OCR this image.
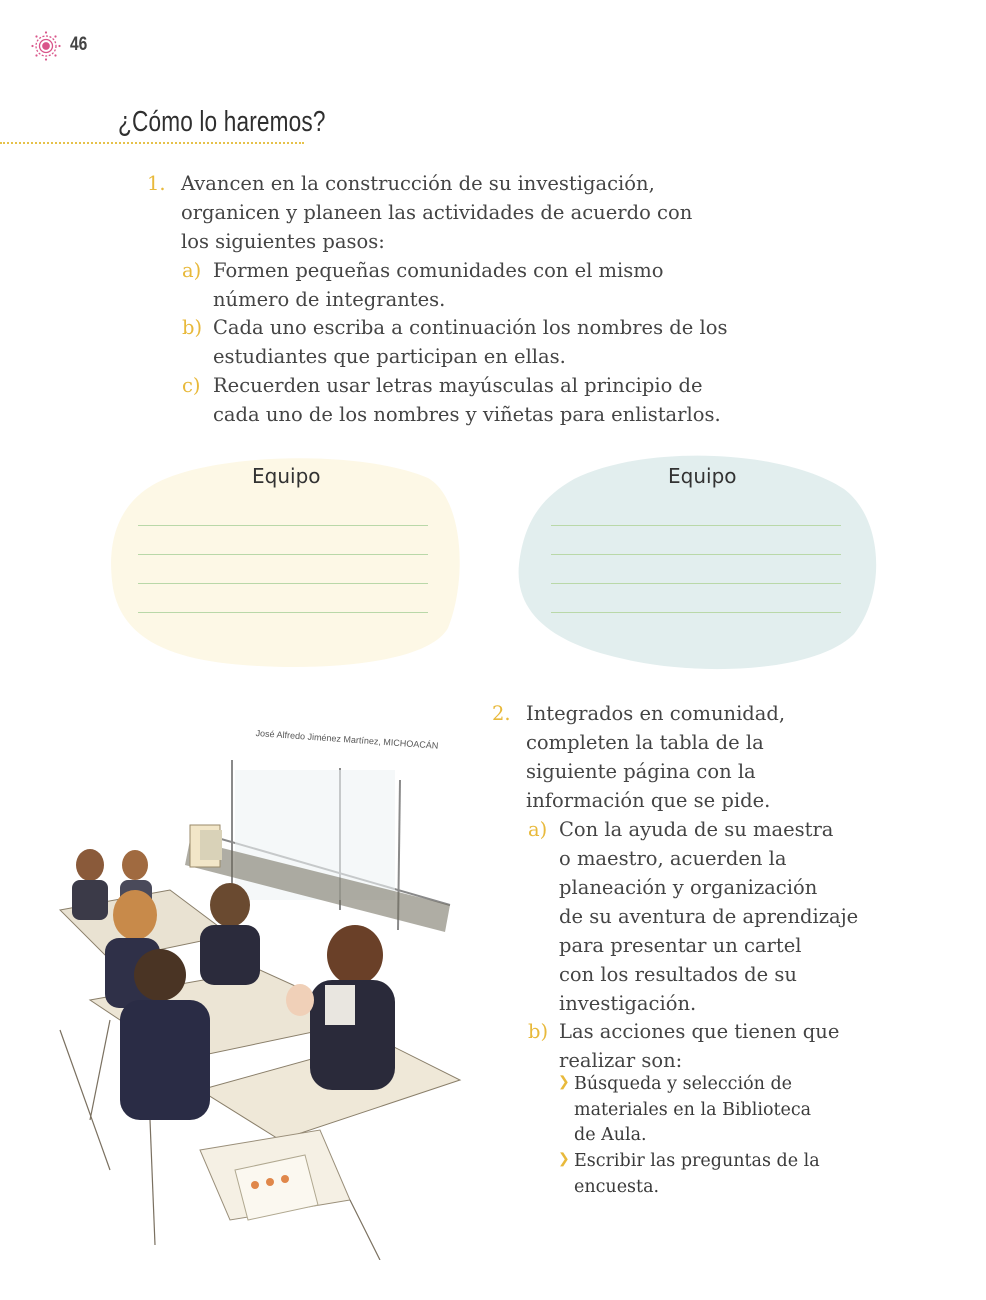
46
¿Cómo lo haremos?
1. Avancen en la construcción de su investigación,
organicen y planeen las actividades de acuerdo con
los siguientes pasos:
a) Formen pequeñas comunidades con el mismo
número de integrantes.
b) Cada uno escriba a continuación los nombres de los
estudiantes que participan en ellas.
c) Recuerden usar letras mayúsculas al principio de
cada uno de los nombres y viñetas para enlistarlos.
Equipo	Equipo
José Alfredo Jiménez Martínez, MICHOACÁN
2. Integrados en comunidad,
completen la tabla de la
siguiente página con la
información que se pide.
a) Con la ayuda de su maestra
o maestro, acuerden la
planeación y organización
de su aventura de aprendizaje
para presentar un cartel
con los resultados de su
investigación.
b) Las acciones que tienen que
realizar son:
❯ Búsqueda y selección de
materiales en la Biblioteca
de Aula.
❯ Escribir las preguntas de la
encuesta.
